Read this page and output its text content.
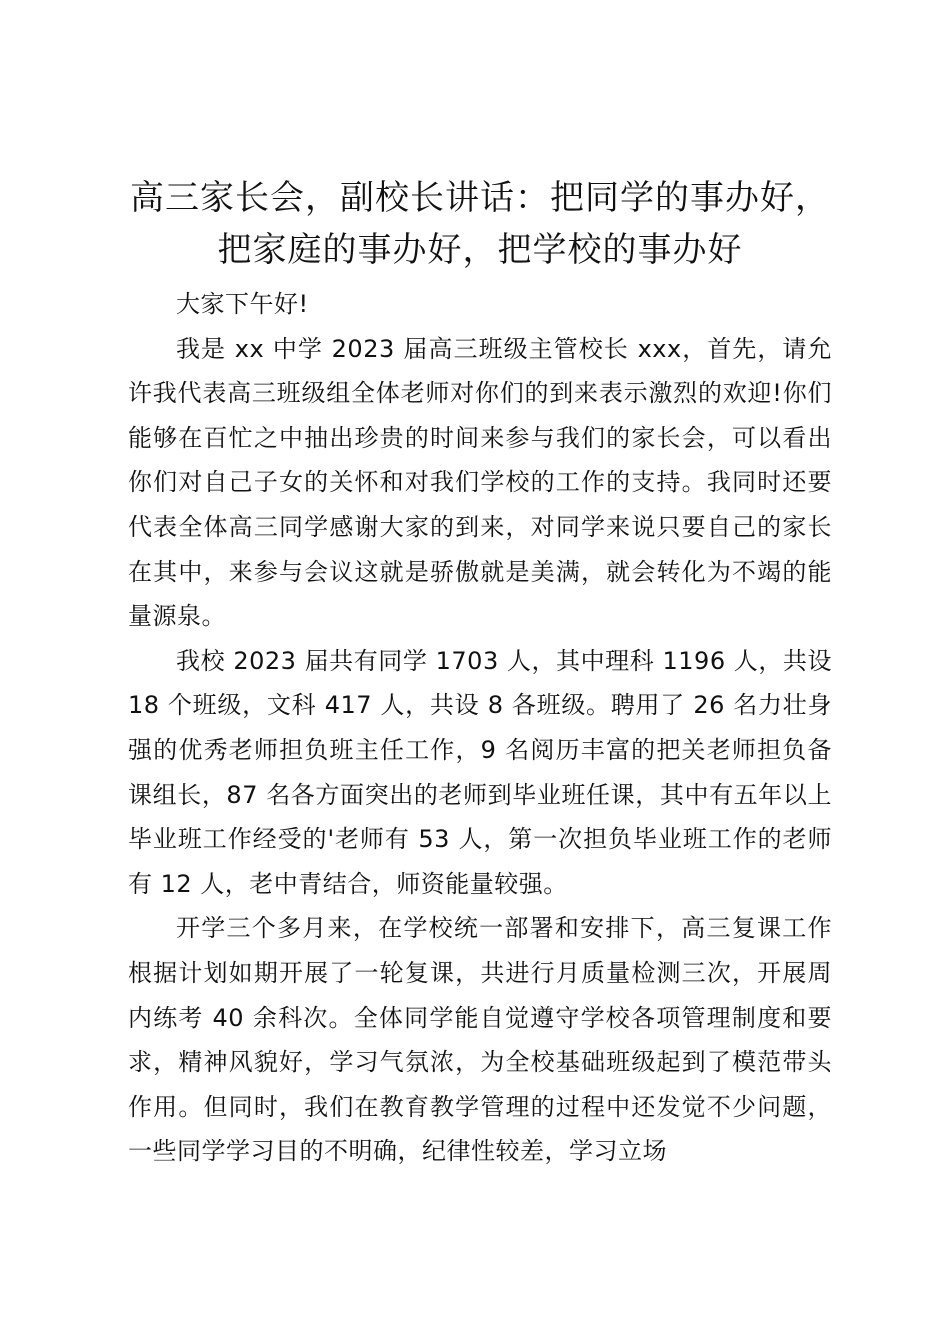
高三家长会，副校长讲话：把同学的事办好，
把家庭的事办好，把学校的事办好

大家下午好!

我是 xx 中学 2023 届高三班级主管校长 xxx，首先，请允许我代表高三班级组全体老师对你们的到来表示激烈的欢迎!你们能够在百忙之中抽出珍贵的时间来参与我们的家长会，可以看出你们对自己子女的关怀和对我们学校的工作的支持。我同时还要代表全体高三同学感谢大家的到来，对同学来说只要自己的家长在其中，来参与会议这就是骄傲就是美满，就会转化为不竭的能量源泉。

我校 2023 届共有同学 1703 人，其中理科 1196 人，共设 18 个班级，文科 417 人，共设 8 各班级。聘用了 26 名力壮身强的优秀老师担负班主任工作，9 名阅历丰富的把关老师担负备课组长，87 名各方面突出的老师到毕业班任课，其中有五年以上毕业班工作经受的'老师有 53 人，第一次担负毕业班工作的老师有 12 人，老中青结合，师资能量较强。

开学三个多月来，在学校统一部署和安排下，高三复课工作根据计划如期开展了一轮复课，共进行月质量检测三次，开展周内练考 40 余科次。全体同学能自觉遵守学校各项管理制度和要求，精神风貌好，学习气氛浓，为全校基础班级起到了模范带头作用。但同时，我们在教育教学管理的过程中还发觉不少问题，一些同学学习目的不明确，纪律性较差，学习立场
